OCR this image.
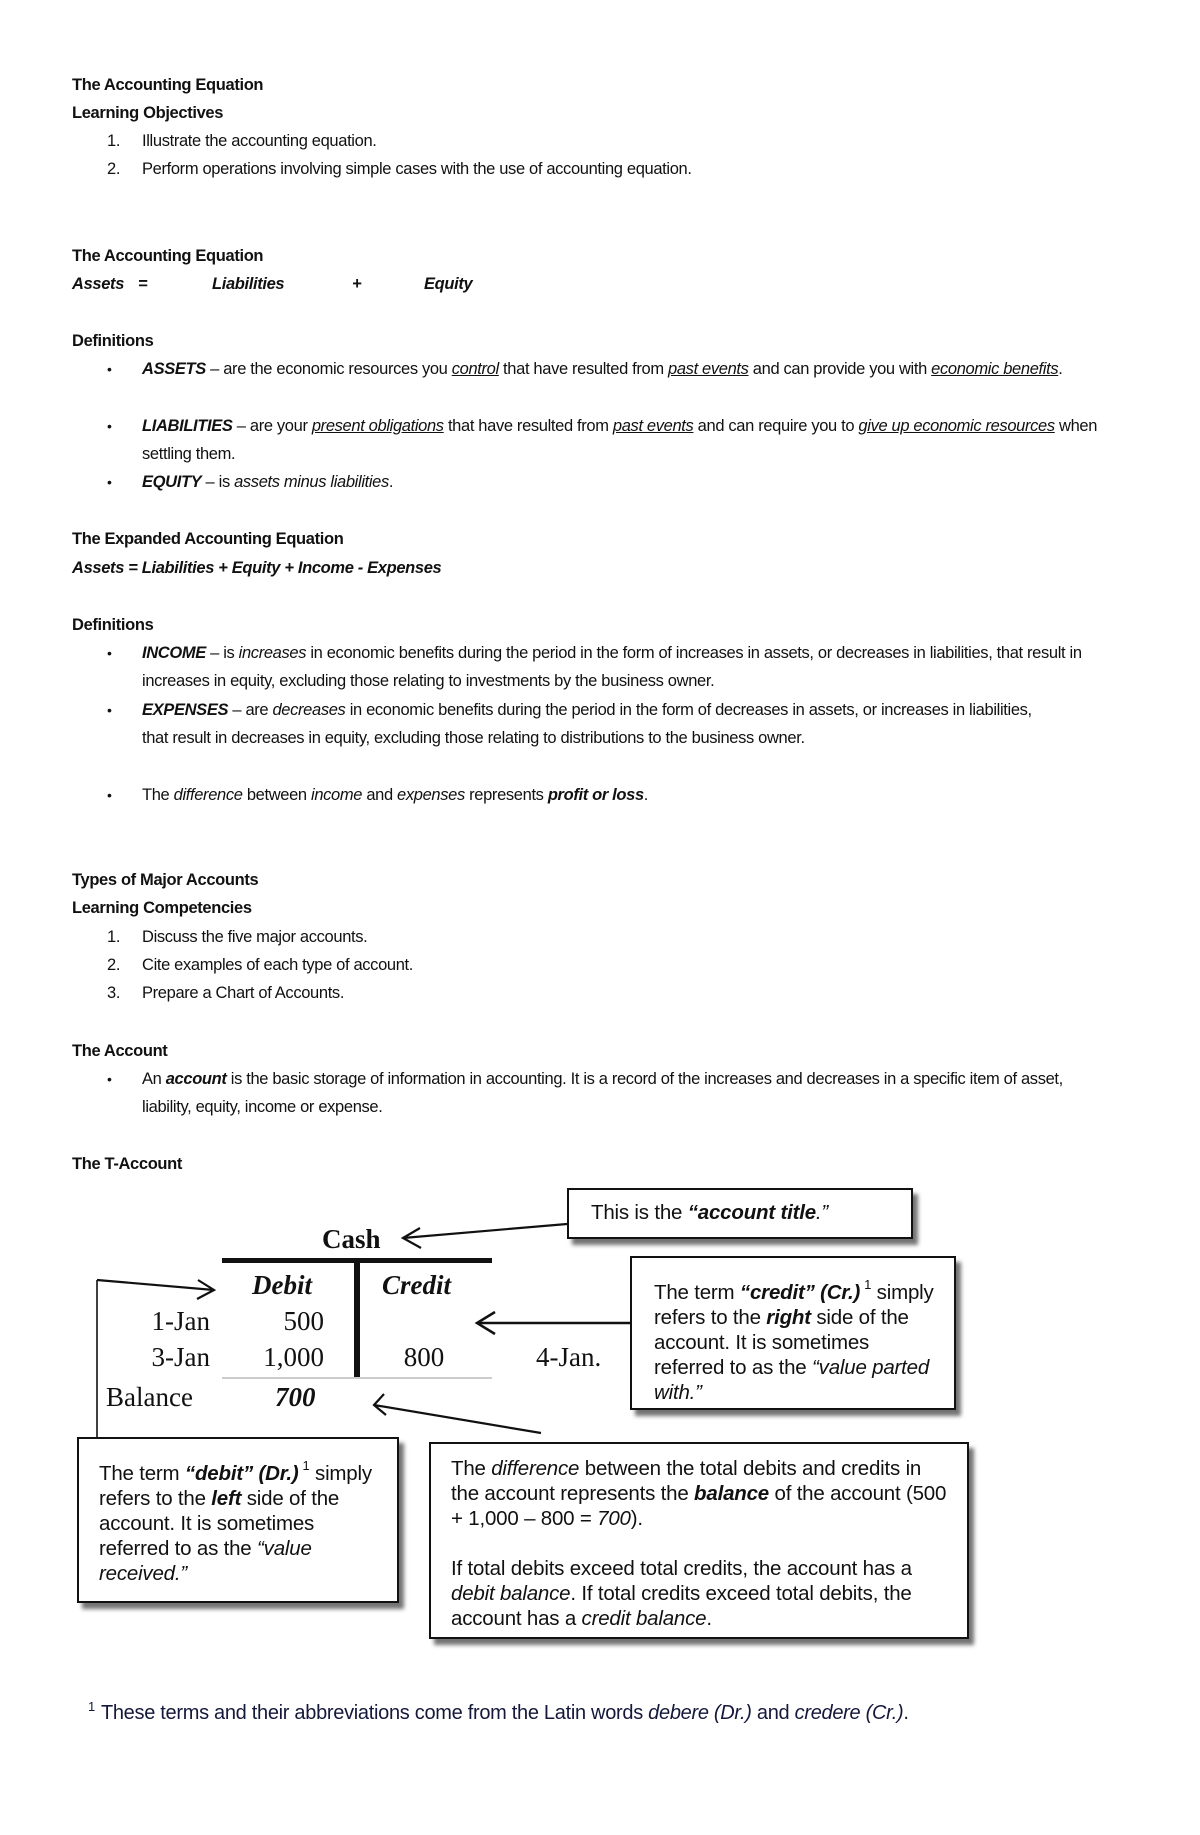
The Accounting Equation
Learning Objectives
1. Illustrate the accounting equation.
2. Perform operations involving simple cases with the use of accounting equation.
The Accounting Equation
Assets =	Liabilities	+	Equity
Definitions
• ASSETS – are the economic resources you control that have resulted from past events and can provide you with economic benefits.
• LIABILITIES – are your present obligations that have resulted from past events and can require you to give up economic resources when settling them.
• EQUITY – is assets minus liabilities.
The Expanded Accounting Equation
Assets = Liabilities + Equity + Income - Expenses
Definitions
• INCOME – is increases in economic benefits during the period in the form of increases in assets, or decreases in liabilities, that result in increases in equity, excluding those relating to investments by the business owner.
• EXPENSES – are decreases in economic benefits during the period in the form of decreases in assets, or increases in liabilities, that result in decreases in equity, excluding those relating to distributions to the business owner.
• The difference between income and expenses represents profit or loss.
Types of Major Accounts
Learning Competencies
1. Discuss the five major accounts.
2. Cite examples of each type of account.
3. Prepare a Chart of Accounts.
The Account
• An account is the basic storage of information in accounting. It is a record of the increases and decreases in a specific item of asset, liability, equity, income or expense.
The T-Account
Cash
Debit	Credit
1-Jan	500
3-Jan	1,000	800	4-Jan.
Balance	700
This is the “account title.”
The term “credit” (Cr.) $^1$ simply refers to the right side of the account. It is sometimes referred to as the “value parted with.”
The term “debit” (Dr.) $^1$ simply refers to the left side of the account. It is sometimes referred to as the “value received.”
The difference between the total debits and credits in the account represents the balance of the account (500 + 1,000 – 800 = 700).
If total debits exceed total credits, the account has a debit balance. If total credits exceed total debits, the account has a credit balance.
$^1$ These terms and their abbreviations come from the Latin words debere (Dr.) and credere (Cr.).
